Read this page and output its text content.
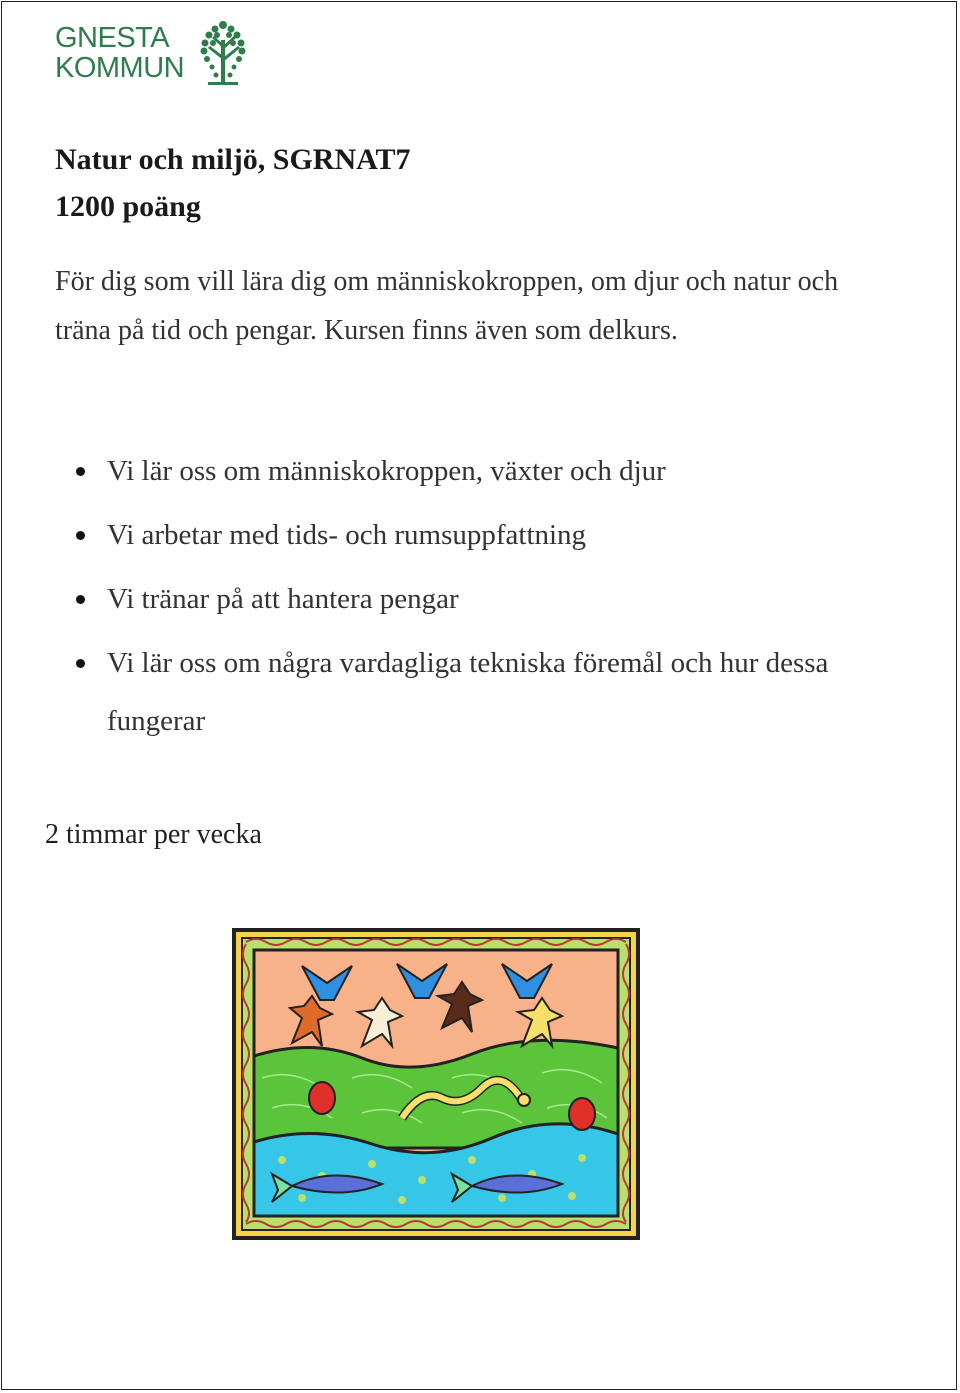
GNESTA
KOMMUN
Natur och miljö, SGRNAT7
1200 poäng
För dig som vill lära dig om människokroppen, om djur och natur och träna på tid och pengar. Kursen finns även som delkurs.
Vi lär oss om människokroppen, växter och djur
Vi arbetar med tids- och rumsuppfattning
Vi tränar på att hantera pengar
Vi lär oss om några vardagliga tekniska föremål och hur dessa fungerar
2 timmar per vecka
